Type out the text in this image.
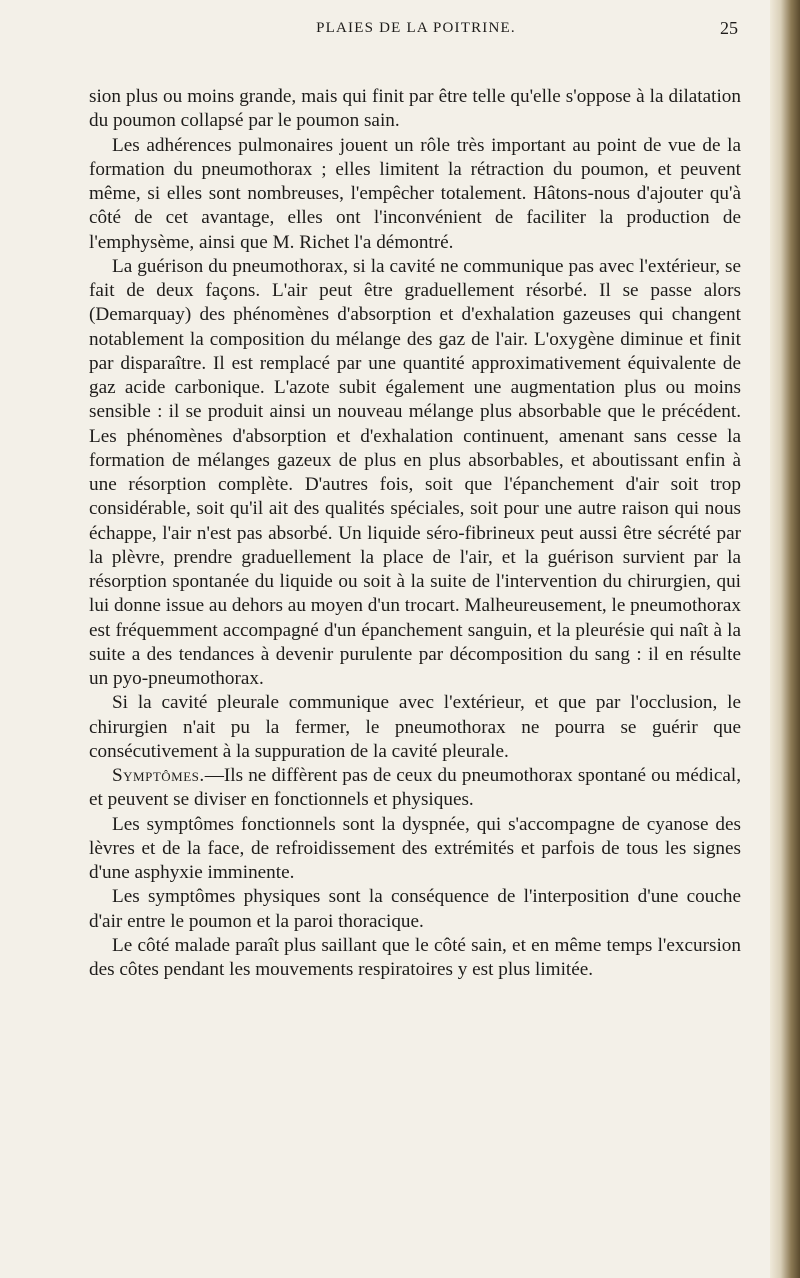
PLAIES DE LA POITRINE.	25

sion plus ou moins grande, mais qui finit par être telle qu'elle s'oppose à la dilatation du poumon collapsé par le poumon sain.

Les adhérences pulmonaires jouent un rôle très important au point de vue de la formation du pneumothorax ; elles limitent la rétraction du poumon, et peuvent même, si elles sont nombreuses, l'empêcher totalement. Hâtons-nous d'ajouter qu'à côté de cet avantage, elles ont l'inconvénient de faciliter la production de l'emphysème, ainsi que M. Richet l'a démontré.

La guérison du pneumothorax, si la cavité ne communique pas avec l'extérieur, se fait de deux façons. L'air peut être graduellement résorbé. Il se passe alors (Demarquay) des phénomènes d'absorption et d'exhalation gazeuses qui changent notablement la composition du mélange des gaz de l'air. L'oxygène diminue et finit par disparaître. Il est remplacé par une quantité approximativement équivalente de gaz acide carbonique. L'azote subit également une augmentation plus ou moins sensible : il se produit ainsi un nouveau mélange plus absorbable que le précédent. Les phénomènes d'absorption et d'exhalation continuent, amenant sans cesse la formation de mélanges gazeux de plus en plus absorbables, et aboutissant enfin à une résorption complète. D'autres fois, soit que l'épanchement d'air soit trop considérable, soit qu'il ait des qualités spéciales, soit pour une autre raison qui nous échappe, l'air n'est pas absorbé. Un liquide séro-fibrineux peut aussi être sécrété par la plèvre, prendre graduellement la place de l'air, et la guérison survient par la résorption spontanée du liquide ou soit à la suite de l'intervention du chirurgien, qui lui donne issue au dehors au moyen d'un trocart. Malheureusement, le pneumothorax est fréquemment accompagné d'un épanchement sanguin, et la pleurésie qui naît à la suite a des tendances à devenir purulente par décomposition du sang : il en résulte un pyo-pneumothorax.

Si la cavité pleurale communique avec l'extérieur, et que par l'occlusion, le chirurgien n'ait pu la fermer, le pneumothorax ne pourra se guérir que consécutivement à la suppuration de la cavité pleurale.

Symptômes.—Ils ne diffèrent pas de ceux du pneumothorax spontané ou médical, et peuvent se diviser en fonctionnels et physiques.

Les symptômes fonctionnels sont la dyspnée, qui s'accompagne de cyanose des lèvres et de la face, de refroidissement des extrémités et parfois de tous les signes d'une asphyxie imminente.

Les symptômes physiques sont la conséquence de l'interposition d'une couche d'air entre le poumon et la paroi thoracique.

Le côté malade paraît plus saillant que le côté sain, et en même temps l'excursion des côtes pendant les mouvements respiratoires y est plus limitée.
